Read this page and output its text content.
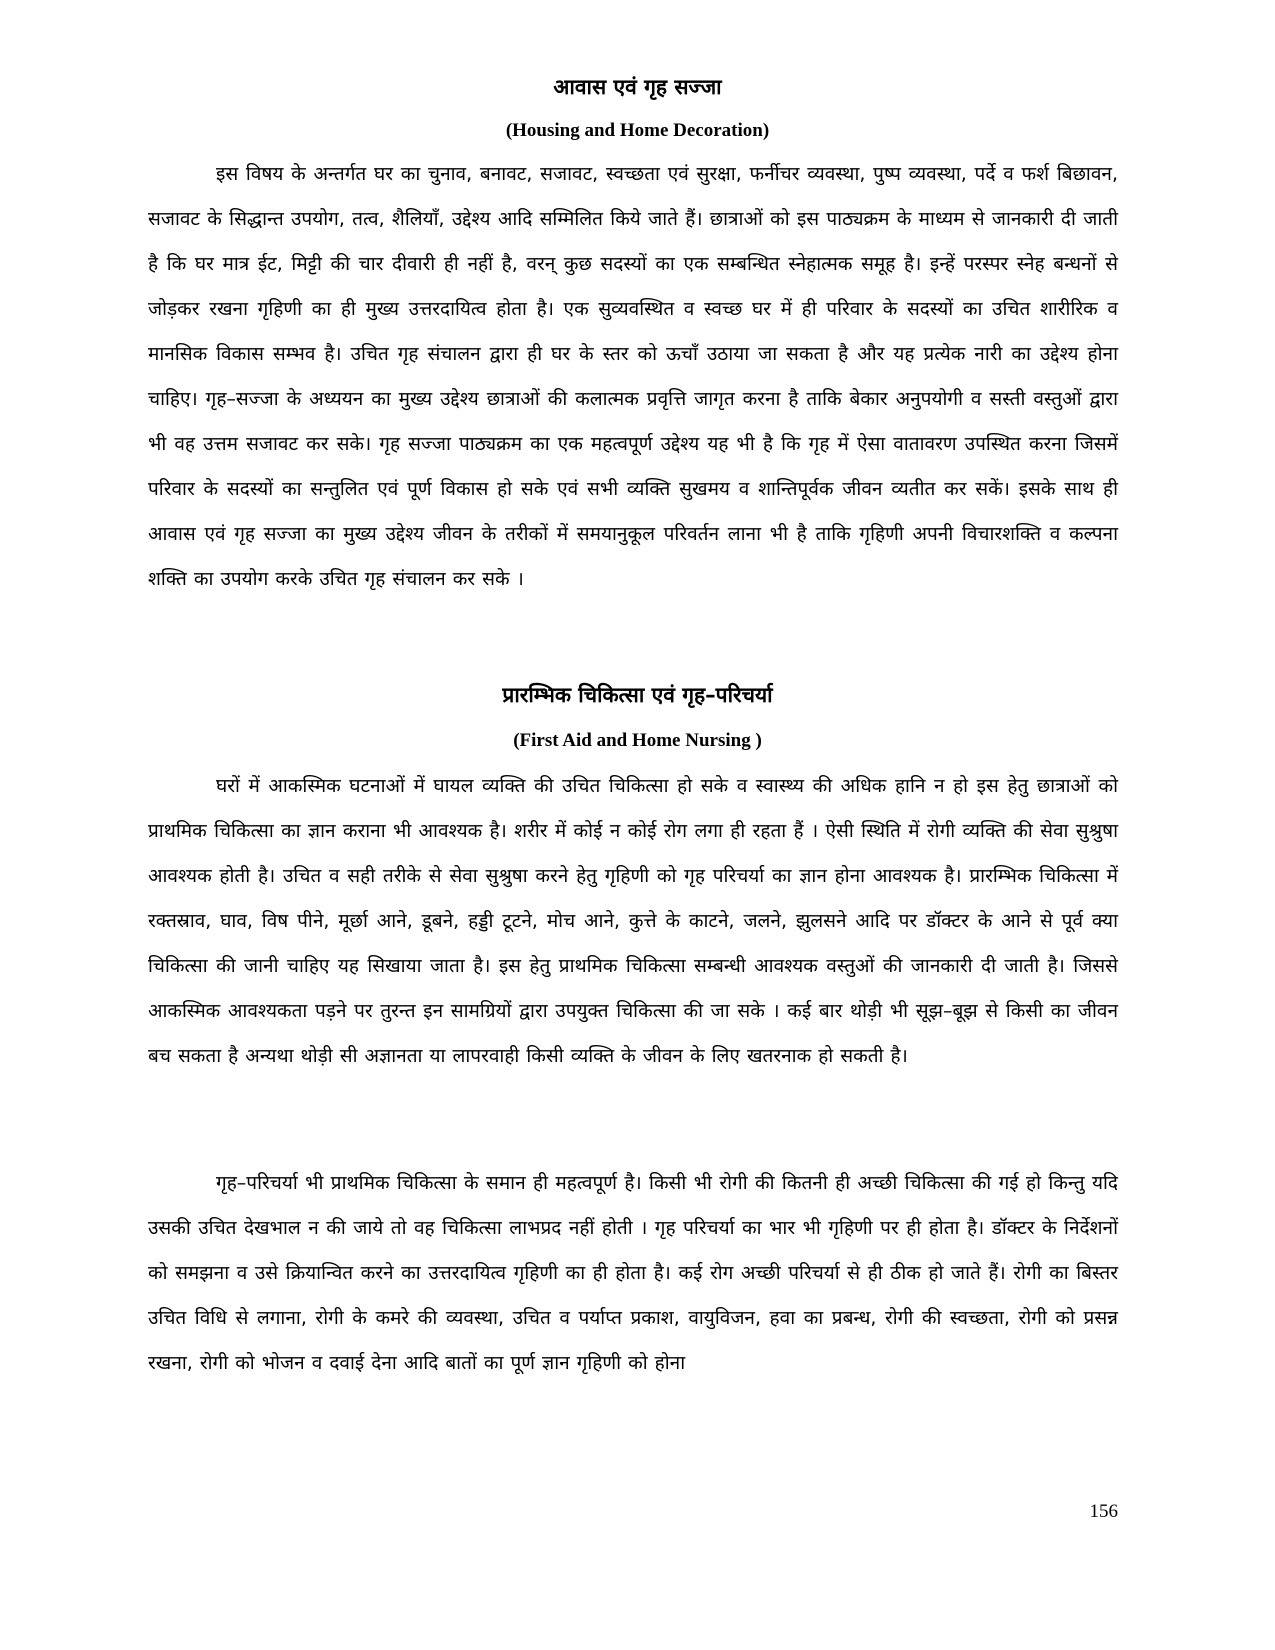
आवास एवं गृह सज्जा
(Housing and Home Decoration)

इस विषय के अन्तर्गत घर का चुनाव, बनावट, सजावट, स्वच्छता एवं सुरक्षा, फर्नीचर व्यवस्था, पुष्प व्यवस्था, पर्दे व फर्श बिछावन, सजावट के सिद्धान्त उपयोग, तत्व, शैलियाँ, उद्देश्य आदि सम्मिलित किये जाते हैं। छात्राओं को इस पाठ्यक्रम के माध्यम से जानकारी दी जाती है कि घर मात्र ईट, मिट्टी की चार दीवारी ही नहीं है, वरन् कुछ सदस्यों का एक सम्बन्धित स्नेहात्मक समूह है। इन्हें परस्पर स्नेह बन्धनों से जोड़कर रखना गृहिणी का ही मुख्य उत्तरदायित्व होता है। एक सुव्यवस्थित व स्वच्छ घर में ही परिवार के सदस्यों का उचित शारीरिक व मानसिक विकास सम्भव है। उचित गृह संचालन द्वारा ही घर के स्तर को ऊचाँ उठाया जा सकता है और यह प्रत्येक नारी का उद्देश्य होना चाहिए। गृह–सज्जा के अध्ययन का मुख्य उद्देश्य छात्राओं की कलात्मक प्रवृत्ति जागृत करना है ताकि बेकार अनुपयोगी व सस्ती वस्तुओं द्वारा भी वह उत्तम सजावट कर सके। गृह सज्जा पाठ्यक्रम का एक महत्वपूर्ण उद्देश्य यह भी है कि गृह में ऐसा वातावरण उपस्थित करना जिसमें परिवार के सदस्यों का सन्तुलित एवं पूर्ण विकास हो सके एवं सभी व्यक्ति सुखमय व शान्तिपूर्वक जीवन व्यतीत कर सकें। इसके साथ ही आवास एवं गृह सज्जा का मुख्य उद्देश्य जीवन के तरीकों में समयानुकूल परिवर्तन लाना भी है ताकि गृहिणी अपनी विचारशक्ति व कल्पना शक्ति का उपयोग करके उचित गृह संचालन कर सके ।

प्रारम्भिक चिकित्सा एवं गृह–परिचर्या
(First Aid and Home Nursing )

घरों में आकस्मिक घटनाओं में घायल व्यक्ति की उचित चिकित्सा हो सके व स्वास्थ्य की अधिक हानि न हो इस हेतु छात्राओं को प्राथमिक चिकित्सा का ज्ञान कराना भी आवश्यक है। शरीर में कोई न कोई रोग लगा ही रहता हैं । ऐसी स्थिति में रोगी व्यक्ति की सेवा सुश्रुषा आवश्यक होती है। उचित व सही तरीके से सेवा सुश्रुषा करने हेतु गृहिणी को गृह परिचर्या का ज्ञान होना आवश्यक है। प्रारम्भिक चिकित्सा में रक्तस्राव, घाव, विष पीने, मूर्छा आने, डूबने, हड्डी टूटने, मोच आने, कुत्ते के काटने, जलने, झुलसने आदि पर डॉक्टर के आने से पूर्व क्या चिकित्सा की जानी चाहिए यह सिखाया जाता है। इस हेतु प्राथमिक चिकित्सा सम्बन्धी आवश्यक वस्तुओं की जानकारी दी जाती है। जिससे आकस्मिक आवश्यकता पड़ने पर तुरन्त इन सामग्रियों द्वारा उपयुक्त चिकित्सा की जा सके । कई बार थोड़ी भी सूझ–बूझ से किसी का जीवन बच सकता है अन्यथा थोड़ी सी अज्ञानता या लापरवाही किसी व्यक्ति के जीवन के लिए खतरनाक हो सकती है।

गृह–परिचर्या भी प्राथमिक चिकित्सा के समान ही महत्वपूर्ण है। किसी भी रोगी की कितनी ही अच्छी चिकित्सा की गई हो किन्तु यदि उसकी उचित देखभाल न की जाये तो वह चिकित्सा लाभप्रद नहीं होती । गृह परिचर्या का भार भी गृहिणी पर ही होता है। डॉक्टर के निर्देशनों को समझना व उसे क्रियान्वित करने का उत्तरदायित्व गृहिणी का ही होता है। कई रोग अच्छी परिचर्या से ही ठीक हो जाते हैं। रोगी का बिस्तर उचित विधि से लगाना, रोगी के कमरे की व्यवस्था, उचित व पर्याप्त प्रकाश, वायुविजन, हवा का प्रबन्ध, रोगी की स्वच्छता, रोगी को प्रसन्न रखना, रोगी को भोजन व दवाई देना आदि बातों का पूर्ण ज्ञान गृहिणी को होना

156
